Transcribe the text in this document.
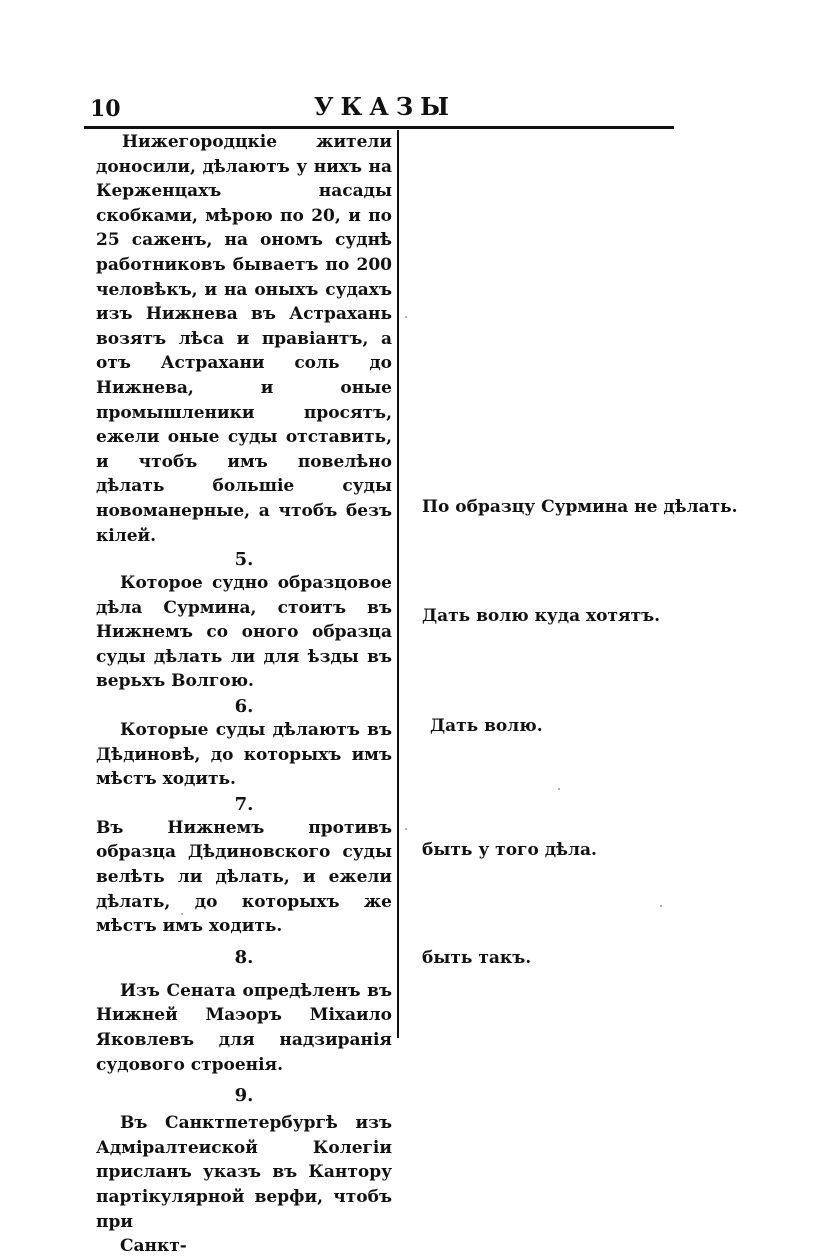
10	УКАЗЫ

Нижегородцкіе жители доносили, дѣлаютъ у нихъ на Керженцахъ насады скобками, мѣрою по 20, и по 25 саженъ, на ономъ суднѣ работниковъ бываетъ по 200 человѣкъ, и на оныхъ судахъ изъ Нижнева въ Астрахань возятъ лѣса и правіантъ, а отъ Астрахани соль до Нижнева, и оные промышленики просятъ, ежели оные суды отставить, и чтобъ имъ повелѣно дѣлать большіе суды новоманерные, а чтобъ безъ кілей.

5.

Которое судно образцовое дѣла Сурмина, стоитъ въ Нижнемъ со оного образца суды дѣлать ли для ѣзды въ верьхъ Волгою.

6.

Которые суды дѣлаютъ въ Дѣдиновѣ, до которыхъ имъ мѣстъ ходить.

7.

Въ Нижнемъ противъ образца Дѣдиновского суды велѣть ли дѣлать, и ежели дѣлать, до которыхъ же мѣстъ имъ ходить.

8.

Изъ Сената опредѣленъ въ Нижней Маэоръ Міхаило Яковлевъ для надзиранія судового строенія.

9.

Въ Санктпетербургѣ изъ Адміралтеиской Колегіи присланъ указъ въ Кантору партікулярной верфи, чтобъ при
Санкт-

По образцу Сурмина не дѣлать.
Дать волю куда хотятъ.
Дать волю.
быть у того дѣла.
быть такъ.
